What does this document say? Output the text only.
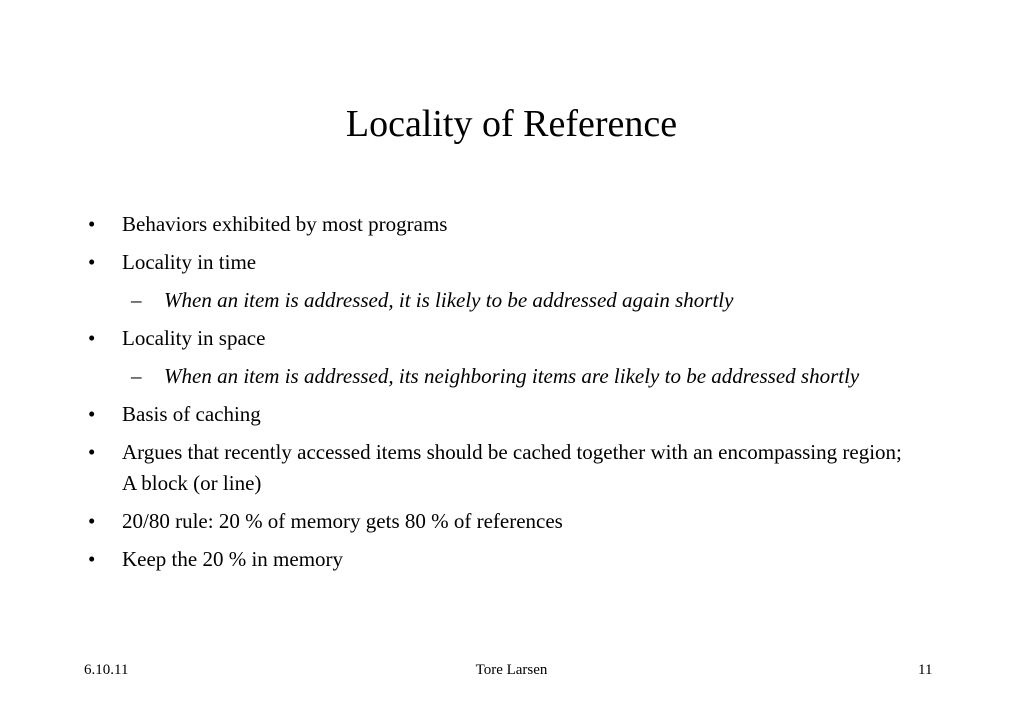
Locality of Reference
•	Behaviors exhibited by most programs
•	Locality in time
–	When an item is addressed, it is likely to be addressed again shortly
•	Locality in space
–	When an item is addressed, its neighboring items are likely to be addressed shortly
•	Basis of caching
•	Argues that recently accessed items should be cached together with an encompassing region; A block (or line)
•	20/80 rule: 20 % of memory gets 80 % of references
•	Keep the 20 % in memory
6.10.11	Tore Larsen	11
